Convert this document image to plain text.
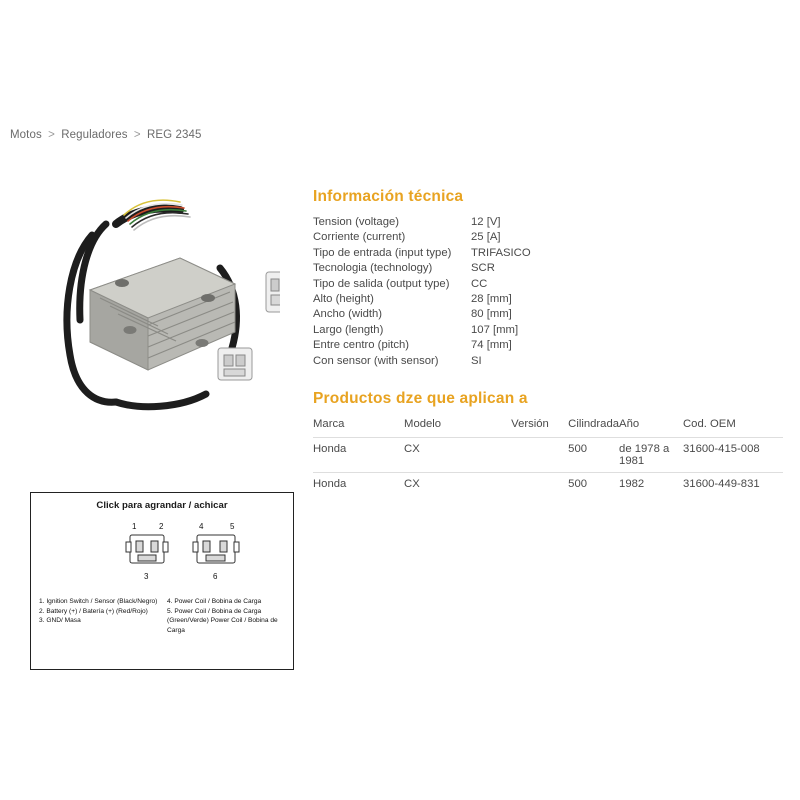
Motos > Reguladores > REG 2345
Información técnica
Tension (voltage)	12 [V]
Corriente (current)	25 [A]
Tipo de entrada (input type)	TRIFASICO
Tecnologia (technology)	SCR
Tipo de salida (output type)	CC
Alto (height)	28 [mm]
Ancho (width)	80 [mm]
Largo (length)	107 [mm]
Entre centro (pitch)	74 [mm]
Con sensor (with sensor)	SI
Productos dze que aplican a
Marca	Modelo	Versión	Cilindrada	Año	Cod. OEM
Honda	CX		500	de 1978 a 1981	31600-415-008
Honda	CX		500	1982	31600-449-831
Click para agrandar / achicar
1	2	4	5
3	6
1. Ignition Switch / Sensor (Black/Negro)	4. Power Coil / Bobina de Carga
2. Battery (+) / Batería (+) (Red/Rojo)	5. Power Coil / Bobina de Carga
3. GND/ Masa	(Green/Verde) Power Coil / Bobina de Carga
